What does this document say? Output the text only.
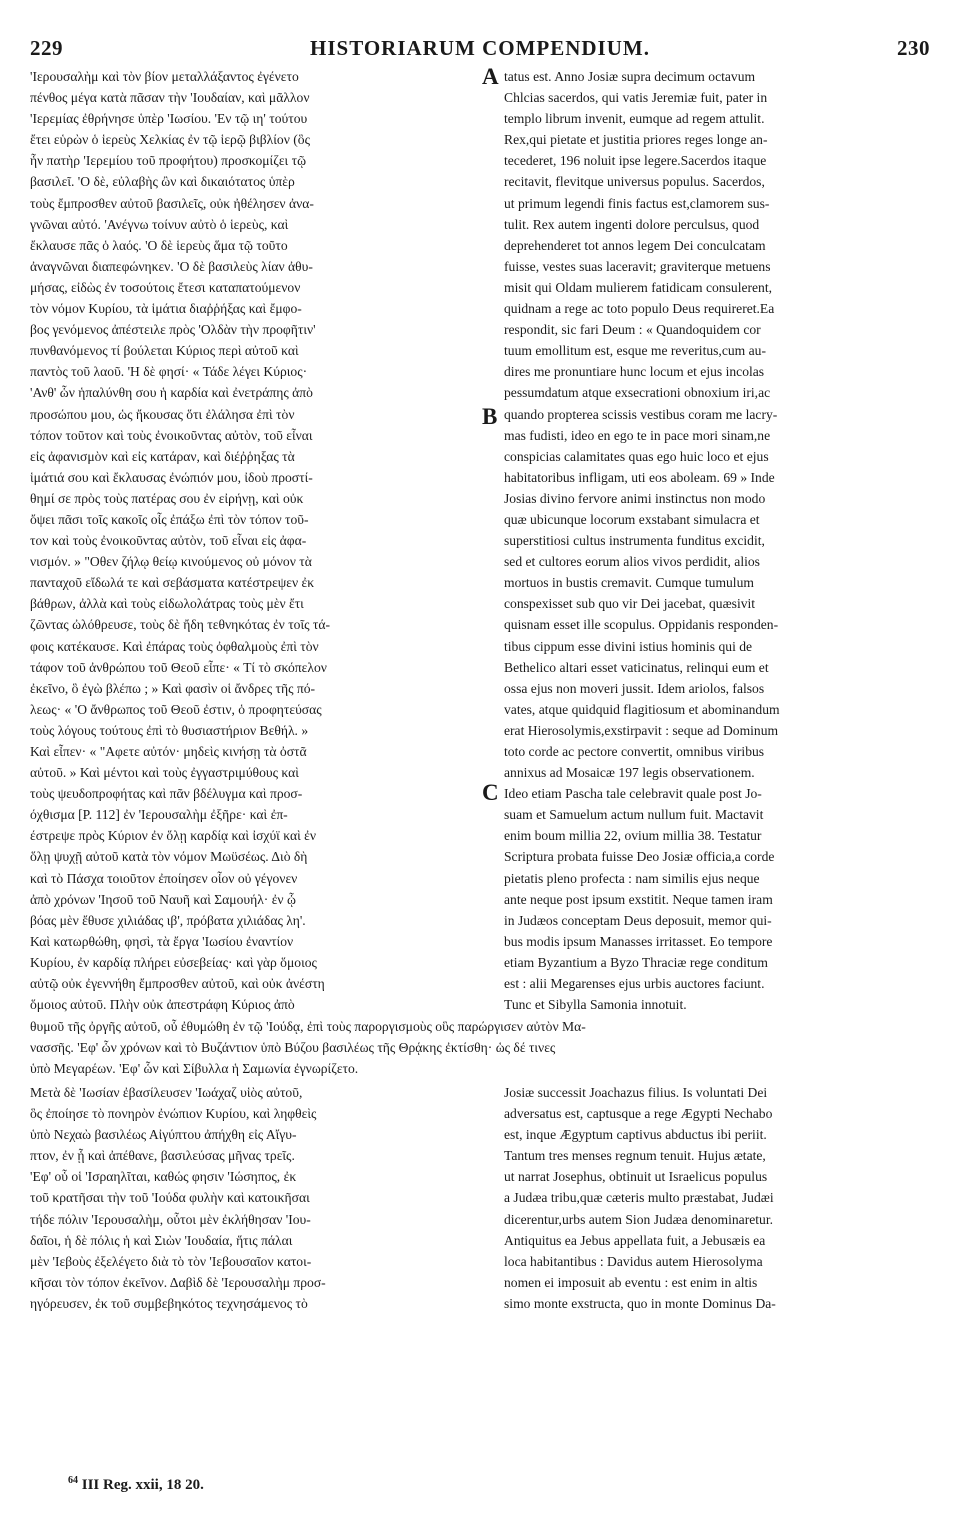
229	HISTORIARUM COMPENDIUM.	230
'Ιερουσαλὴμ καὶ τὸν βίον μεταλλάξαντος ἐγένετο
πένθος μέγα κατὰ πᾶσαν τὴν 'Ιουδαίαν, καὶ μᾶλλον
'Ιερεμίας ἐθρήνησε ὑπὲρ 'Ιωσίου. 'Εν τῷ ιη' τούτου
ἔτει εὑρὼν ὁ ἱερεὺς Χελκίας ἐν τῷ ἱερῷ βιβλίον (ὃς
ἦν πατὴρ 'Ιερεμίου τοῦ προφήτου) προσκομίζει τῷ
βασιλεῖ. 'Ο δὲ, εὐλαβὴς ὢν καὶ δικαιότατος ὑπὲρ
τοὺς ἔμπροσθεν αὐτοῦ βασιλεῖς, οὐκ ἠθέλησεν ἀνα-
γνῶναι αὐτό. 'Ανέγνω τοίνυν αὐτὸ ὁ ἱερεὺς, καὶ
ἔκλαυσε πᾶς ὁ λαός. 'Ο δὲ ἱερεὺς ἅμα τῷ τοῦτο
ἀναγνῶναι διαπεφώνηκεν. 'Ο δὲ βασιλεὺς λίαν ἀθυ-
μήσας, εἰδὼς ἐν τοσούτοις ἔτεσι καταπατούμενον
τὸν νόμον Κυρίου, τὰ ἱμάτια διαῤῥήξας καὶ ἔμφο-
βος γενόμενος ἀπέστειλε πρὸς 'Ολδὰν τὴν προφῆτιν'
πυνθανόμενος τί βούλεται Κύριος περὶ αὐτοῦ καὶ
παντὸς τοῦ λαοῦ. 'Η δὲ φησί· « Τάδε λέγει Κύριος·
'Ανθ' ὧν ἡπαλύνθη σου ἡ καρδία καὶ ἐνετράπης ἀπὸ
προσώπου μου, ὡς ἤκουσας ὅτι ἐλάλησα ἐπὶ τὸν
τόπον τοῦτον καὶ τοὺς ἐνοικοῦντας αὐτὸν, τοῦ εἶναι
εἰς ἀφανισμὸν καὶ εἰς κατάραν, καὶ διέῤῥηξας τὰ
ἱμάτιά σου καὶ ἔκλαυσας ἐνώπιόν μου, ἰδοὺ προστί-
θημί σε πρὸς τοὺς πατέρας σου ἐν εἰρήνῃ, καὶ οὐκ
ὄψει πᾶσι τοῖς κακοῖς οἷς ἐπάξω ἐπὶ τὸν τόπον τοῦ-
τον καὶ τοὺς ἐνοικοῦντας αὐτὸν, τοῦ εἶναι εἰς ἀφα-
νισμόν. » "Οθεν ζήλῳ θείῳ κινούμενος οὐ μόνον τὰ
πανταχοῦ εἴδωλά τε καὶ σεβάσματα κατέστρεψεν ἐκ
βάθρων, ἀλλὰ καὶ τοὺς εἰδωλολάτρας τοὺς μὲν ἔτι
ζῶντας ὠλόθρευσε, τοὺς δὲ ἤδη τεθνηκότας ἐν τοῖς τά-
φοις κατέκαυσε. Καὶ ἐπάρας τοὺς ὀφθαλμοὺς ἐπὶ τὸν
τάφον τοῦ ἀνθρώπου τοῦ Θεοῦ εἶπε· « Τί τὸ σκόπελον
ἐκεῖνο, ὃ ἐγὼ βλέπω ; » Καὶ φασὶν οἱ ἄνδρες τῆς πό-
λεως· « 'Ο ἄνθρωπος τοῦ Θεοῦ ἐστιν, ὁ προφητεύσας
τοὺς λόγους τούτους ἐπὶ τὸ θυσιαστήριον Βεθήλ. »
Καὶ εἶπεν· « "Αφετε αὐτόν· μηδεὶς κινήσῃ τὰ ὀστᾶ
αὐτοῦ. » Καὶ μέντοι καὶ τοὺς ἐγγαστριμύθους καὶ
τοὺς ψευδοπροφήτας καὶ πᾶν βδέλυγμα καὶ προσ-
όχθισμα [P. 112] ἐν 'Ιερουσαλὴμ ἐξῆρε· καὶ ἐπ-
έστρεψε πρὸς Κύριον ἐν ὅλῃ καρδίᾳ καὶ ἰσχύϊ καὶ ἐν
ὅλῃ ψυχῇ αὐτοῦ κατὰ τὸν νόμον Μωϋσέως. Διὸ δὴ
καὶ τὸ Πάσχα τοιοῦτον ἐποίησεν οἷον οὐ γέγονεν
ἀπὸ χρόνων 'Ιησοῦ τοῦ Ναυῆ καὶ Σαμουήλ· ἐν ᾧ
βόας μὲν ἔθυσε χιλιάδας ιβ', πρόβατα χιλιάδας λη'.
Καὶ κατωρθώθη, φησὶ, τὰ ἔργα 'Ιωσίου ἐναντίον
Κυρίου, ἐν καρδίᾳ πλήρει εὐσεβείας· καὶ γὰρ ὅμοιος
αὐτῷ οὐκ ἐγεννήθη ἔμπροσθεν αὐτοῦ, καὶ οὐκ ἀνέστη
ὅμοιος αὐτοῦ. Πλὴν οὐκ ἀπεστράφη Κύριος ἀπὸ
tatus est. Anno Josiæ supra decimum octavum
Chlcias sacerdos, qui vatis Jeremiæ fuit, pater in
templo librum invenit, eumque ad regem attulit.
Rex,qui pietate et justitia priores reges longe an-
tecederet, 196 noluit ipse legere.Sacerdos itaque
recitavit, flevitque universus populus. Sacerdos,
ut primum legendi finis factus est,clamorem sus-
tulit. Rex autem ingenti dolore perculsus, quod
deprehenderet tot annos legem Dei conculcatam
fuisse, vestes suas laceravit; graviterque metuens
misit qui Oldam mulierem fatidicam consulerent,
quidnam a rege ac toto populo Deus requireret.Ea
respondit, sic fari Deum : « Quandoquidem cor
tuum emollitum est, esque me reveritus,cum au-
dires me pronuntiare hunc locum et ejus incolas
pessumdatum atque exsecrationi obnoxium iri,ac
quando propterea scissis vestibus coram me lacry-
mas fudisti, ideo en ego te in pace mori sinam,ne
conspicias calamitates quas ego huic loco et ejus
habitatoribus infligam, uti eos aboleam. 69 » Inde
Josias divino fervore animi instinctus non modo
quæ ubicunque locorum exstabant simulacra et
superstitiosi cultus instrumenta funditus excidit,
sed et cultores eorum alios vivos perdidit, alios
mortuos in bustis cremavit. Cumque tumulum
conspexisset sub quo vir Dei jacebat, quæsivit
quisnam esset ille scopulus. Oppidanis responden-
tibus cippum esse divini istius hominis qui de
Bethelico altari esset vaticinatus, relinqui eum et
ossa ejus non moveri jussit. Idem ariolos, falsos
vates, atque quidquid flagitiosum et abominandum
erat Hierosolymis,exstirpavit : seque ad Dominum
toto corde ac pectore convertit, omnibus viribus
annixus ad Mosaicæ 197 legis observationem.
Ideo etiam Pascha tale celebravit quale post Jo-
suam et Samuelum actum nullum fuit. Mactavit
enim boum millia 22, ovium millia 38. Testatur
Scriptura probata fuisse Deo Josiæ officia,a corde
pietatis pleno profecta : nam similis ejus neque
ante neque post ipsum exstitit. Neque tamen iram
in Judæos conceptam Deus deposuit, memor qui-
bus modis ipsum Manasses irritasset. Eo tempore
etiam Byzantium a Byzo Thraciæ rege conditum
est : alii Megarenses ejus urbis auctores faciunt.
Tunc et Sibylla Samonia innotuit.
A
B
C
θυμοῦ τῆς ὀργῆς αὐτοῦ, οὗ ἐθυμώθη ἐν τῷ 'Ιούδᾳ, ἐπὶ τοὺς παροργισμοὺς οὓς παρώργισεν αὐτὸν Μα-
νασσῆς. 'Εφ' ὧν χρόνων καὶ τὸ Βυζάντιον ὑπὸ Βύζου βασιλέως τῆς Θρᾴκης ἐκτίσθη· ὡς δέ τινες
ὑπὸ Μεγαρέων. 'Εφ' ὧν καὶ Σίβυλλα ἡ Σαμωνία ἐγνωρίζετο.
Μετὰ δὲ 'Ιωσίαν ἐβασίλευσεν 'Ιωάχαζ υἱὸς αὐτοῦ,
ὃς ἐποίησε τὸ πονηρὸν ἐνώπιον Κυρίου, καὶ ληφθεὶς
ὑπὸ Νεχαὼ βασιλέως Αἰγύπτου ἀπήχθη εἰς Αἴγυ-
πτον, ἐν ᾗ καὶ ἀπέθανε, βασιλεύσας μῆνας τρεῖς.
'Εφ' οὗ οἱ 'Ισραηλῖται, καθώς φησιν 'Ιώσηπος, ἐκ
τοῦ κρατῆσαι τὴν τοῦ 'Ιούδα φυλὴν καὶ κατοικῆσαι
τήδε πόλιν 'Ιερουσαλὴμ, οὗτοι μὲν ἐκλήθησαν 'Ιου-
δαῖοι, ἡ δὲ πόλις ἡ καὶ Σιὼν 'Ιουδαία, ἥτις πάλαι
μὲν 'Ιεβοὺς ἐξελέγετο διὰ τὸ τὸν 'Ιεβουσαῖον κατοι-
κῆσαι τὸν τόπον ἐκεῖνον. Δαβὶδ δὲ 'Ιερουσαλὴμ προσ-
ηγόρευσεν, ἐκ τοῦ συμβεβηκότος τεχνησάμενος τὸ
Josiæ successit Joachazus filius. Is voluntati Dei
adversatus est, captusque a rege Ægypti Nechabo
est, inque Ægyptum captivus abductus ibi periit.
Tantum tres menses regnum tenuit. Hujus ætate,
ut narrat Josephus, obtinuit ut Israelicus populus
a Judæa tribu,quæ cæteris multo præstabat, Judæi
dicerentur,urbs autem Sion Judæa denominaretur.
Antiquitus ea Jebus appellata fuit, a Jebusæis ea
loca habitantibus : Davidus autem Hierosolyma
nomen ei imposuit ab eventu : est enim in altis
simo monte exstructa, quo in monte Dominus Da-
$^{64}$ III Reg. xxii, 18 20.
